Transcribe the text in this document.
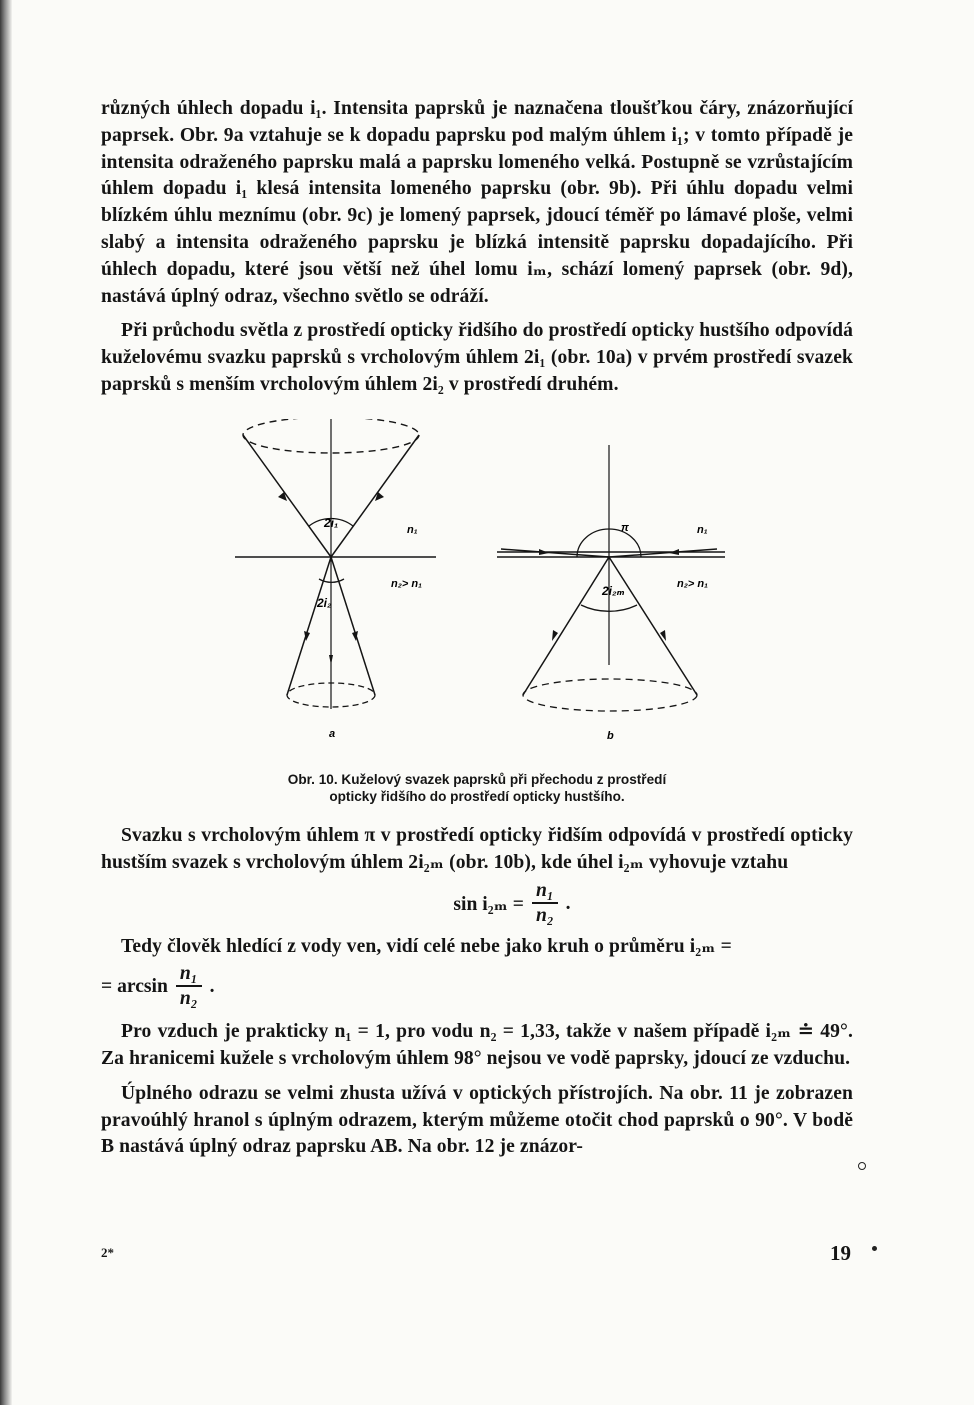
různých úhlech dopadu i₁. Intensita paprsků je naznačena tloušťkou čáry, znázorňující paprsek. Obr. 9a vztahuje se k dopadu paprsku pod malým úhlem i₁; v tomto případě je intensita odraženého paprsku malá a paprsku lomeného velká. Postupně se vzrůstajícím úhlem dopadu i₁ klesá intensita lomeného paprsku (obr. 9b). Při úhlu dopadu velmi blízkém úhlu meznímu (obr. 9c) je lomený paprsek, jdoucí téměř po lámavé ploše, velmi slabý a intensita odraženého paprsku je blízká intensitě paprsku dopadajícího. Při úhlech dopadu, které jsou větší než úhel lomu iₘ, schází lomený paprsek (obr. 9d), nastává úplný odraz, všechno světlo se odráží.

Při průchodu světla z prostředí opticky řidšího do prostředí opticky hustšího odpovídá kuželovému svazku paprsků s vrcholovým úhlem 2i₁ (obr. 10a) v prvém prostředí svazek paprsků s menším vrcholovým úhlem 2i₂ v prostředí druhém.

2i₁
2i₂
n₁
n₂> n₁
a
π
2i₂ₘ
n₁
n₂> n₁
b
Obr. 10. Kuželový svazek paprsků při přechodu z prostředí
opticky řidšího do prostředí opticky hustšího.

Svazku s vrcholovým úhlem π v prostředí opticky řidším odpovídá v prostředí opticky hustším svazek s vrcholovým úhlem 2i₂ₘ (obr. 10b), kde úhel i₂ₘ vyhovuje vztahu

$\sin i_{2m} = \frac{\text{n₁}}{\text{n₂}}$ .

Tedy člověk hledící z vody ven, vidí celé nebe jako kruh o průměru i₂ₘ =

= $\arcsin \frac{\text{n₁}}{\text{n₂}}$ .

Pro vzduch je prakticky n₁ = 1, pro vodu n₂ = 1,33, takže v našem případě i₂ₘ ≐ 49°. Za hranicemi kužele s vrcholovým úhlem 98° nejsou ve vodě paprsky, jdoucí ze vzduchu.

Úplného odrazu se velmi zhusta užívá v optických přístrojích. Na obr. 11 je zobrazen pravoúhlý hranol s úplným odrazem, kterým můžeme otočit chod paprsků o 90°. V bodě B nastává úplný odraz paprsku AB. Na obr. 12 je znázor-

2*	19
